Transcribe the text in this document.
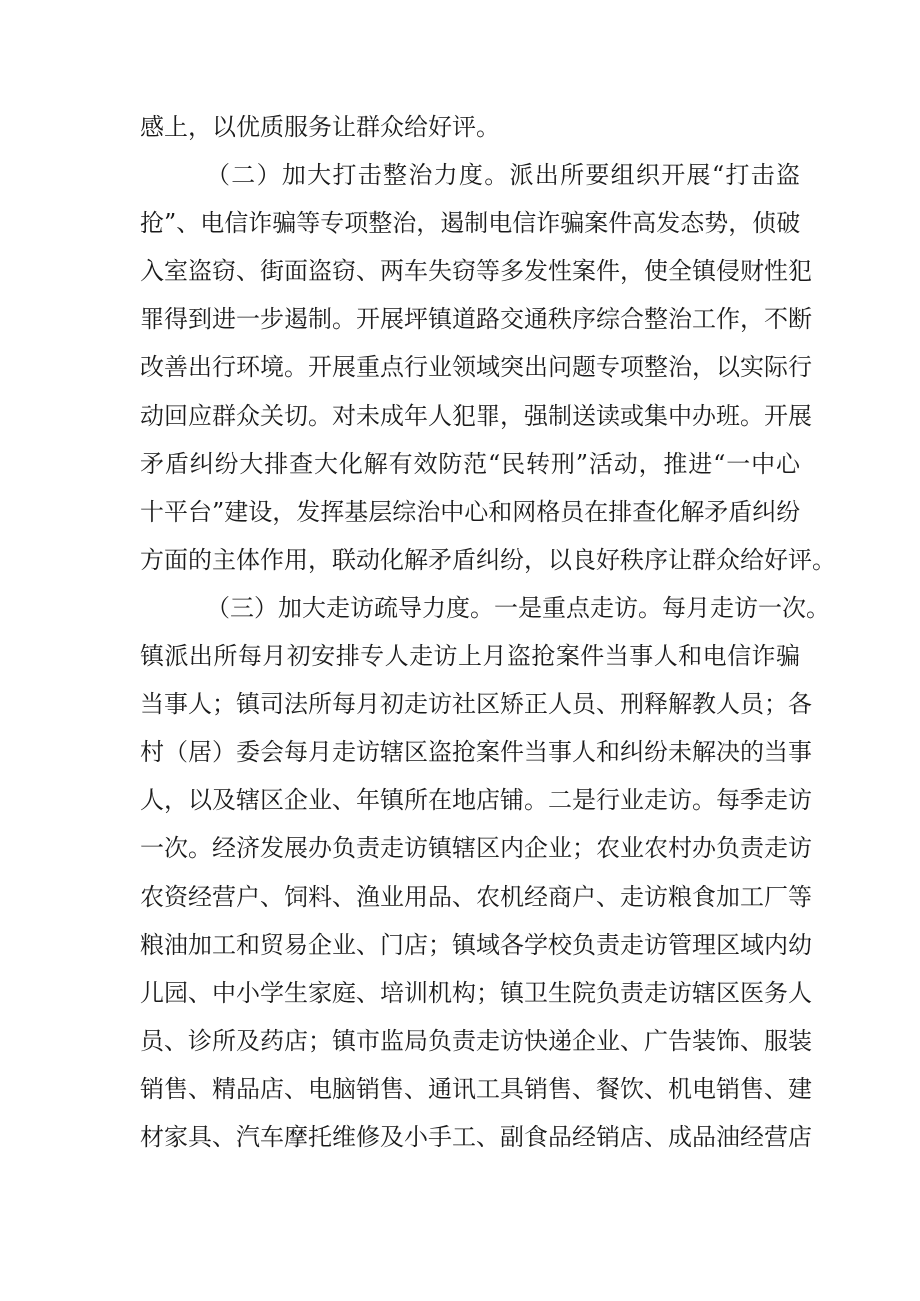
感上，以优质服务让群众给好评。
（二）加大打击整治力度。派出所要组织开展“打击盗
抢”、电信诈骗等专项整治，遏制电信诈骗案件高发态势，侦破
入室盗窃、街面盗窃、两车失窃等多发性案件，使全镇侵财性犯
罪得到进一步遏制。开展坪镇道路交通秩序综合整治工作，不断
改善出行环境。开展重点行业领域突出问题专项整治，以实际行
动回应群众关切。对未成年人犯罪，强制送读或集中办班。开展
矛盾纠纷大排查大化解有效防范“民转刑”活动，推进“一中心
十平台”建设，发挥基层综治中心和网格员在排查化解矛盾纠纷
方面的主体作用，联动化解矛盾纠纷，以良好秩序让群众给好评。
（三）加大走访疏导力度。一是重点走访。每月走访一次。
镇派出所每月初安排专人走访上月盗抢案件当事人和电信诈骗
当事人；镇司法所每月初走访社区矫正人员、刑释解教人员；各
村（居）委会每月走访辖区盗抢案件当事人和纠纷未解决的当事
人，以及辖区企业、年镇所在地店铺。二是行业走访。每季走访
一次。经济发展办负责走访镇辖区内企业；农业农村办负责走访
农资经营户、饲料、渔业用品、农机经商户、走访粮食加工厂等
粮油加工和贸易企业、门店；镇域各学校负责走访管理区域内幼
儿园、中小学生家庭、培训机构；镇卫生院负责走访辖区医务人
员、诊所及药店；镇市监局负责走访快递企业、广告装饰、服装
销售、精品店、电脑销售、通讯工具销售、餐饮、机电销售、建
材家具、汽车摩托维修及小手工、副食品经销店、成品油经营店
